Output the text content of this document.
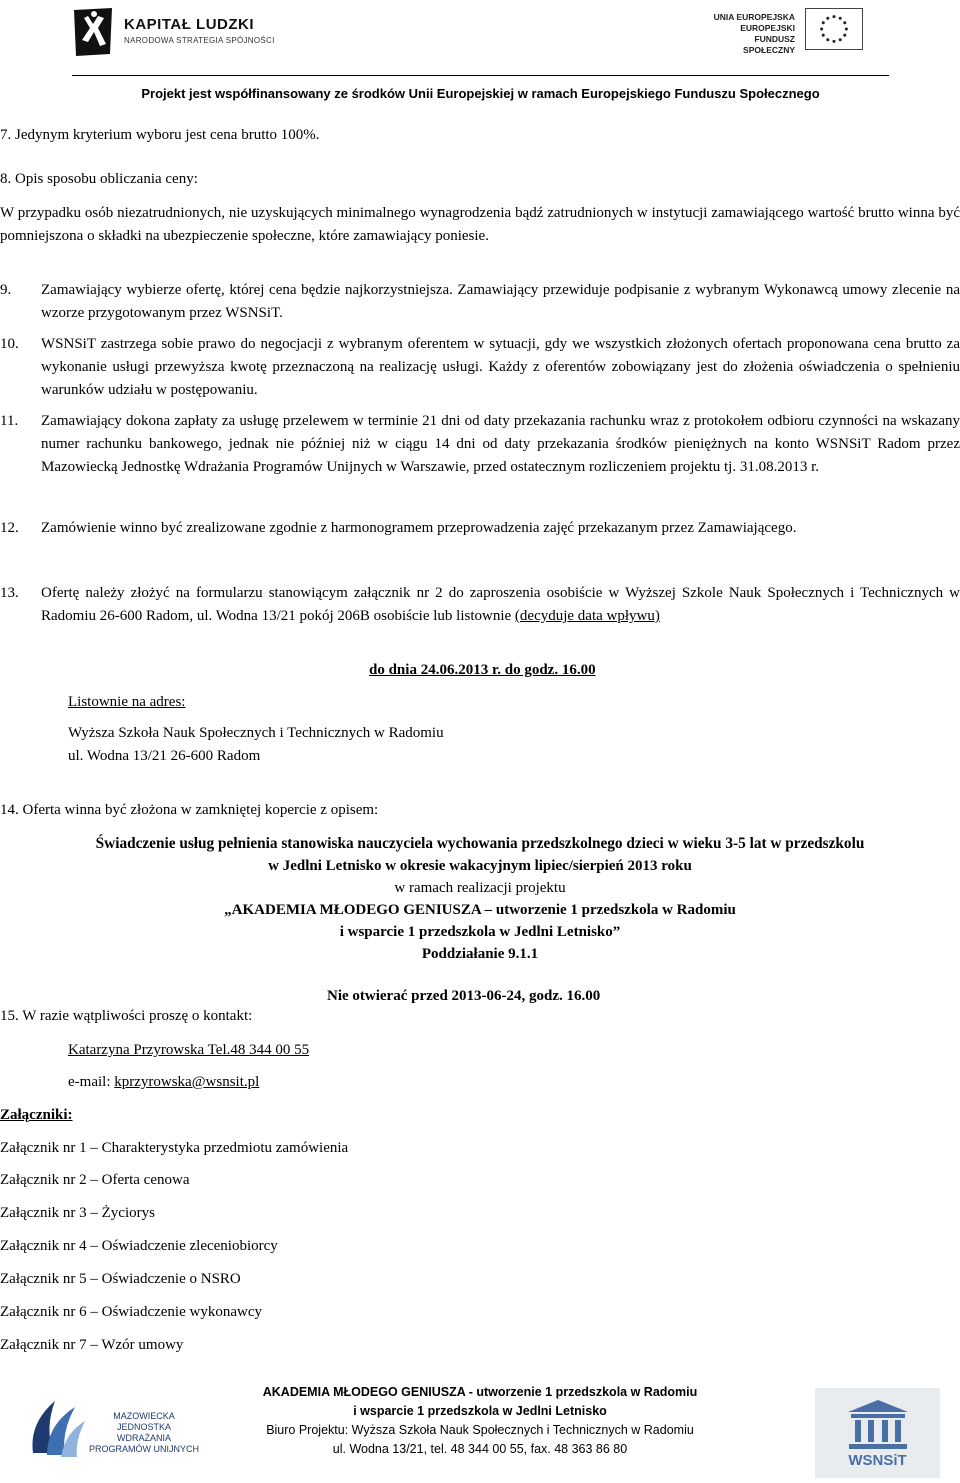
KAPITAŁ LUDZKI
NARODOWA STRATEGIA SPÓJNOŚCI
UNIA EUROPEJSKA
EUROPEJSKI
FUNDUSZ SPOŁECZNY
Projekt jest współfinansowany ze środków Unii Europejskiej w ramach Europejskiego Funduszu Społecznego
7. Jedynym kryterium wyboru jest cena brutto 100%.
8. Opis sposobu obliczania ceny:
W przypadku osób niezatrudnionych, nie uzyskujących minimalnego wynagrodzenia bądź zatrudnionych w instytucji zamawiającego wartość brutto winna być pomniejszona o składki na ubezpieczenie społeczne, które zamawiający poniesie.
9. Zamawiający wybierze ofertę, której cena będzie najkorzystniejsza. Zamawiający przewiduje podpisanie z wybranym Wykonawcą umowy zlecenie na wzorze przygotowanym przez WSNSiT.
10. WSNSiT zastrzega sobie prawo do negocjacji z wybranym oferentem w sytuacji, gdy we wszystkich złożonych ofertach proponowana cena brutto za wykonanie usługi przewyższa kwotę przeznaczoną na realizację usługi. Każdy z oferentów zobowiązany jest do złożenia oświadczenia o spełnieniu warunków udziału w postępowaniu.
11. Zamawiający dokona zapłaty za usługę przelewem w terminie 21 dni od daty przekazania rachunku wraz z protokołem odbioru czynności na wskazany numer rachunku bankowego, jednak nie później niż w ciągu 14 dni od daty przekazania środków pieniężnych na konto WSNSiT Radom przez Mazowiecką Jednostkę Wdrażania Programów Unijnych w Warszawie, przed ostatecznym rozliczeniem projektu tj. 31.08.2013 r.
12. Zamówienie winno być zrealizowane zgodnie z harmonogramem przeprowadzenia zajęć przekazanym przez Zamawiającego.
13. Ofertę należy złożyć na formularzu stanowiącym załącznik nr 2 do zaproszenia osobiście w Wyższej Szkole Nauk Społecznych i Technicznych w Radomiu 26-600 Radom, ul. Wodna 13/21 pokój 206B osobiście lub listownie (decyduje data wpływu)
do dnia 24.06.2013 r. do godz. 16.00
Listownie na adres:
Wyższa Szkoła Nauk Społecznych i Technicznych w Radomiu
ul. Wodna 13/21 26-600 Radom
14. Oferta winna być złożona w zamkniętej kopercie z opisem:
Świadczenie usług pełnienia stanowiska nauczyciela wychowania przedszkolnego dzieci w wieku 3-5 lat w przedszkolu
w Jedlni Letnisko w okresie wakacyjnym lipiec/sierpień 2013 roku
w ramach realizacji projektu
„AKADEMIA MŁODEGO GENIUSZA – utworzenie 1 przedszkola w Radomiu
i wsparcie 1 przedszkola w Jedlni Letnisko”
Poddziałanie 9.1.1
Nie otwierać przed 2013-06-24, godz. 16.00
15. W razie wątpliwości proszę o kontakt:
Katarzyna Przyrowska Tel.48 344 00 55
e-mail: kprzyrowska@wsnsit.pl
Załączniki:
Załącznik nr 1 – Charakterystyka przedmiotu zamówienia
Załącznik nr 2 – Oferta cenowa
Załącznik nr 3 – Życiorys
Załącznik nr 4 – Oświadczenie zleceniobiorcy
Załącznik nr 5 – Oświadczenie o NSRO
Załącznik nr 6 – Oświadczenie wykonawcy
Załącznik nr 7 – Wzór umowy
MAZOWIECKA JEDNOSTKA
WDRAŻANIA
PROGRAMÓW UNIJNYCH
AKADEMIA MŁODEGO GENIUSZA - utworzenie 1 przedszkola w Radomiu
i wsparcie 1 przedszkola w Jedlni Letnisko
Biuro Projektu: Wyższa Szkoła Nauk Społecznych i Technicznych w Radomiu
ul. Wodna 13/21, tel. 48 344 00 55, fax. 48 363 86 80
WSNSiT
